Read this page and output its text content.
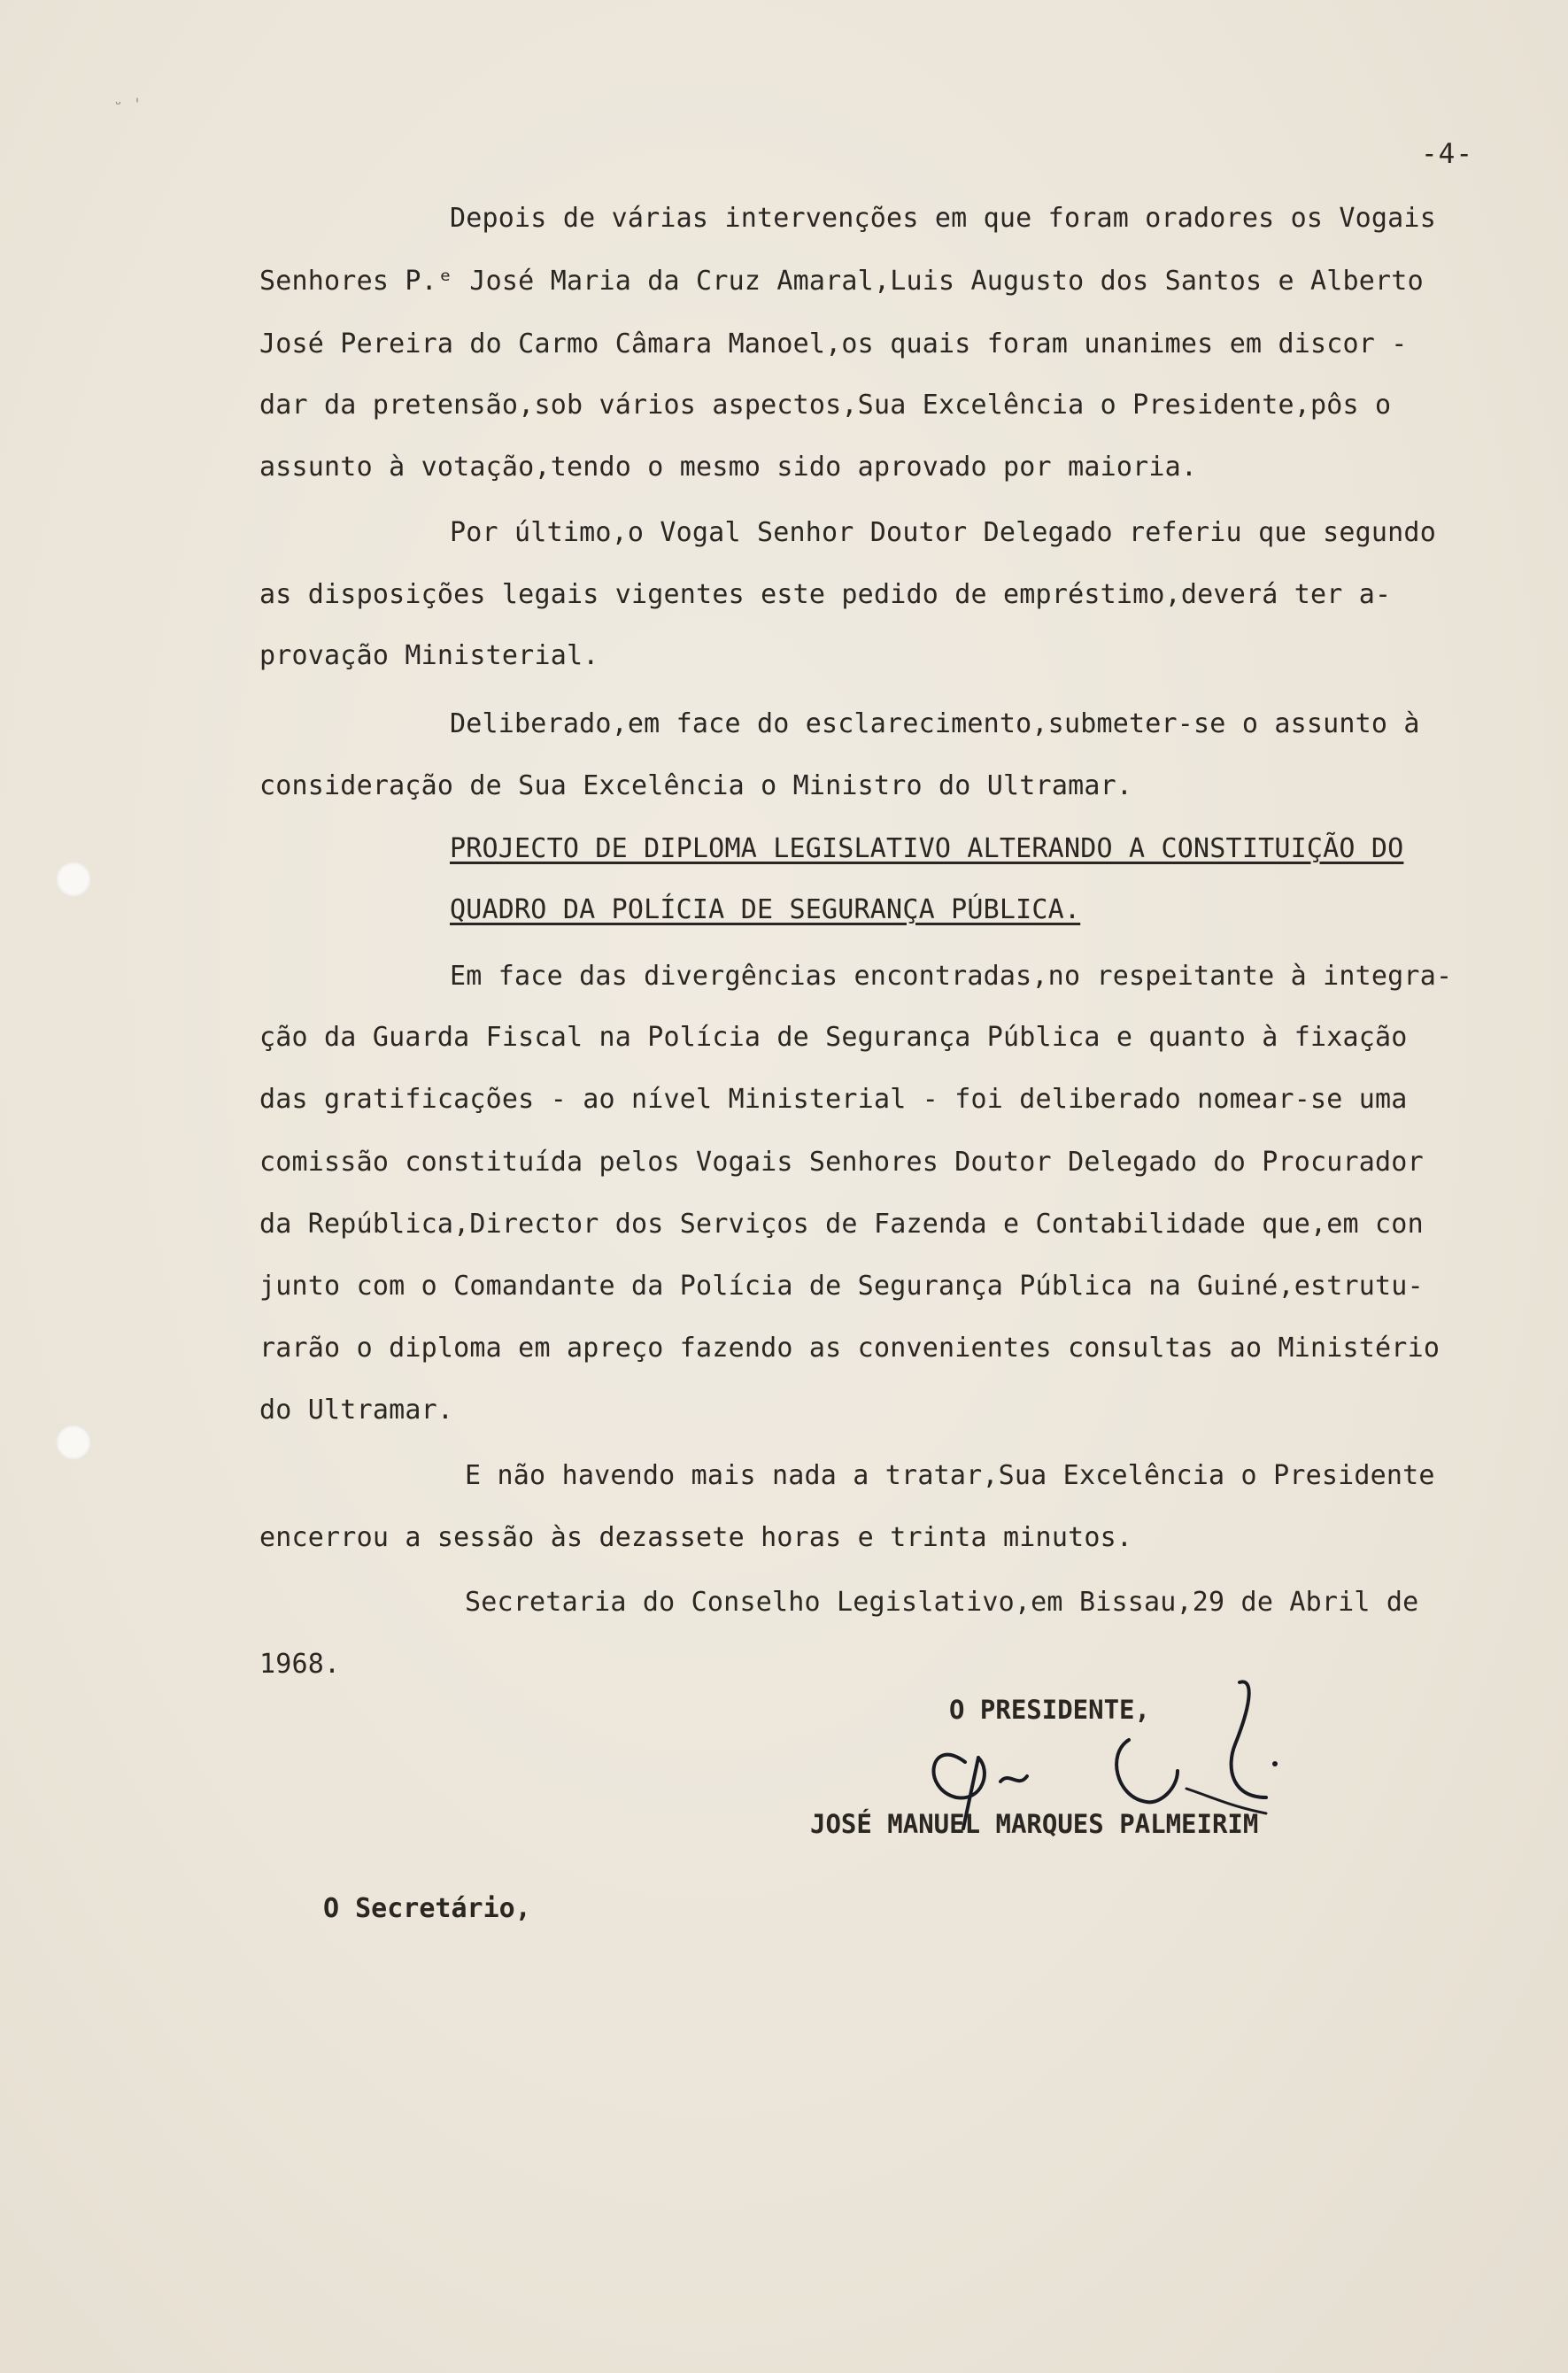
ᵕ ˈ
-4-

Depois de várias intervenções em que foram oradores os Vogais

Senhores P.ᵉ José Maria da Cruz Amaral,Luis Augusto dos Santos e Alberto

José Pereira do Carmo Câmara Manoel,os quais foram unanimes em discor -

dar da pretensão,sob vários aspectos,Sua Excelência o Presidente,pôs o

assunto à votação,tendo o mesmo sido aprovado por maioria.

Por último,o Vogal Senhor Doutor Delegado referiu que segundo

as disposições legais vigentes este pedido de empréstimo,deverá ter a-

provação Ministerial.

Deliberado,em face do esclarecimento,submeter-se o assunto à

consideração de Sua Excelência o Ministro do Ultramar.

PROJECTO DE DIPLOMA LEGISLATIVO ALTERANDO A CONSTITUIÇÃO DO

QUADRO DA POLÍCIA DE SEGURANÇA PÚBLICA.

Em face das divergências encontradas,no respeitante à integra-

ção da Guarda Fiscal na Polícia de Segurança Pública e quanto à fixação

das gratificações - ao nível Ministerial - foi deliberado nomear-se uma

comissão constituída pelos Vogais Senhores Doutor Delegado do Procurador

da República,Director dos Serviços de Fazenda e Contabilidade que,em con

junto com o Comandante da Polícia de Segurança Pública na Guiné,estrutu-

rarão o diploma em apreço fazendo as convenientes consultas ao Ministério

do Ultramar.

E não havendo mais nada a tratar,Sua Excelência o Presidente

encerrou a sessão às dezassete horas e trinta minutos.

Secretaria do Conselho Legislativo,em Bissau,29 de Abril de

1968.

O PRESIDENTE,
JOSÉ MANUEL MARQUES PALMEIRIM
O Secretário,
